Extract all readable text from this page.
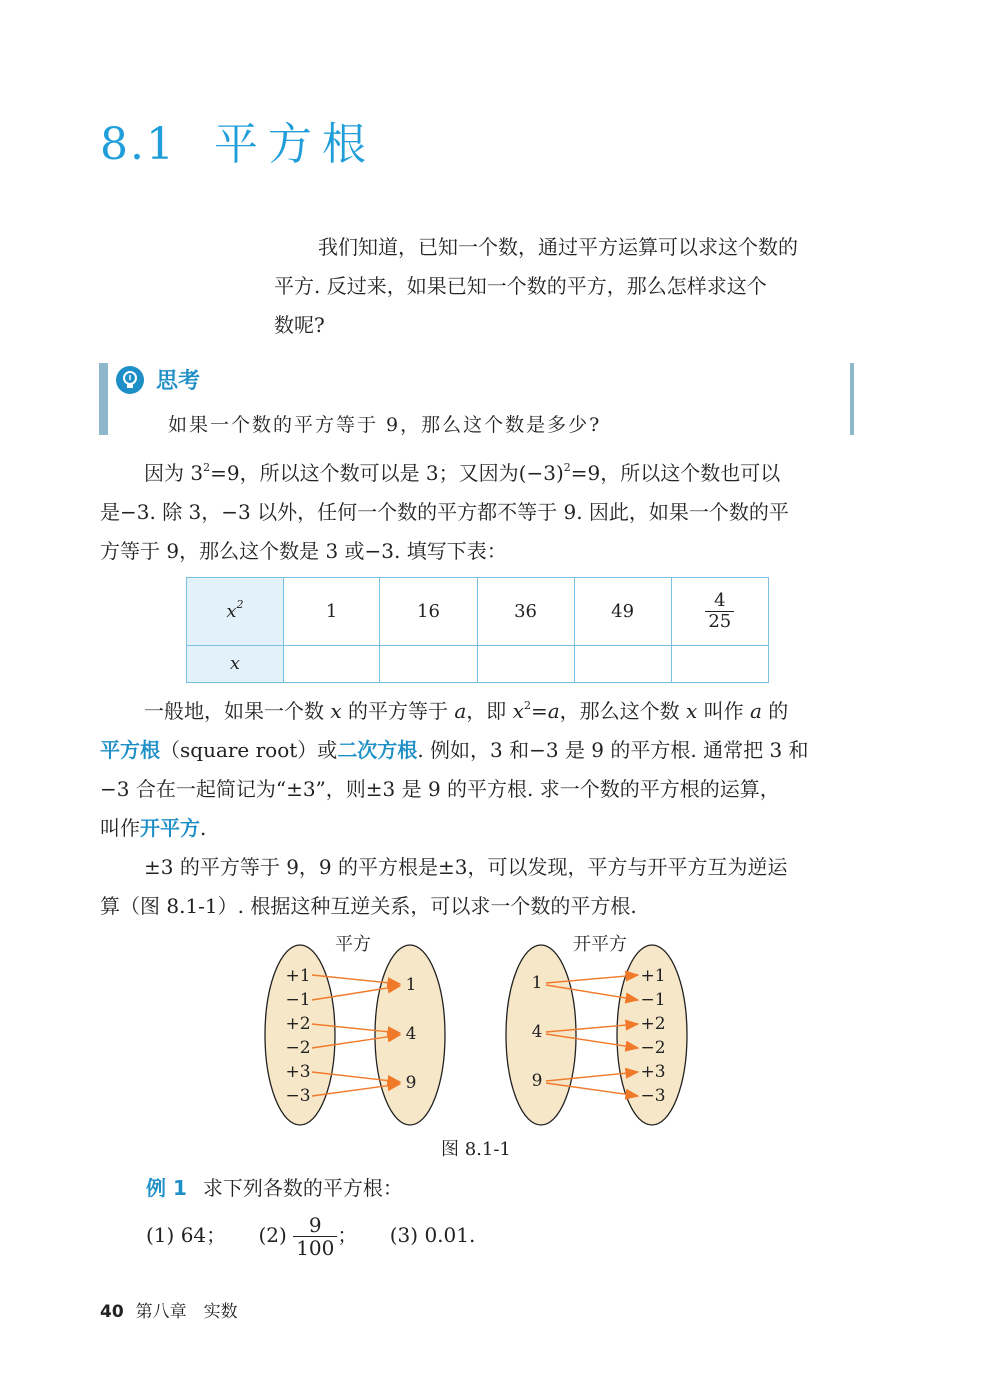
8.1 平方根

我们知道，已知一个数，通过平方运算可以求这个数的

平方. 反过来，如果已知一个数的平方，那么怎样求这个
数呢?
思考
如果一个数的平方等于 9，那么这个数是多少?

因为 $3^2=9$，所以这个数可以是 3；又因为$(-3)^2=9$，所以这个数也可以

是−3. 除 3，−3 以外，任何一个数的平方都不等于 9. 因此，如果一个数的平
方等于 9，那么这个数是 3 或−3. 填写下表：
$x^2$	1	16	36	49	$\frac{4}{25}$

x					

一般地，如果一个数 x 的平方等于 a，即 $x^2=a$，那么这个数 x 叫作 a 的

平方根（square root）或二次方根. 例如，3 和−3 是 9 的平方根. 通常把 3 和
−3 合在一起简记为“±3”，则±3 是 9 的平方根. 求一个数的平方根的运算，
叫作开平方.

±3 的平方等于 9，9 的平方根是±3，可以发现，平方与开平方互为逆运

算（图 8.1-1）. 根据这种互逆关系，可以求一个数的平方根.
平方	开平方
+1
−1
+2
−2
+3
−3
1
4
9
1
4
9
+1
−1
+2
−2
+3
−3
图 8.1-1
例 1 求下列各数的平方根：
(1) 64； $(2) \frac{9}{100}$ ； (3) 0.01.
40 第八章　实数
